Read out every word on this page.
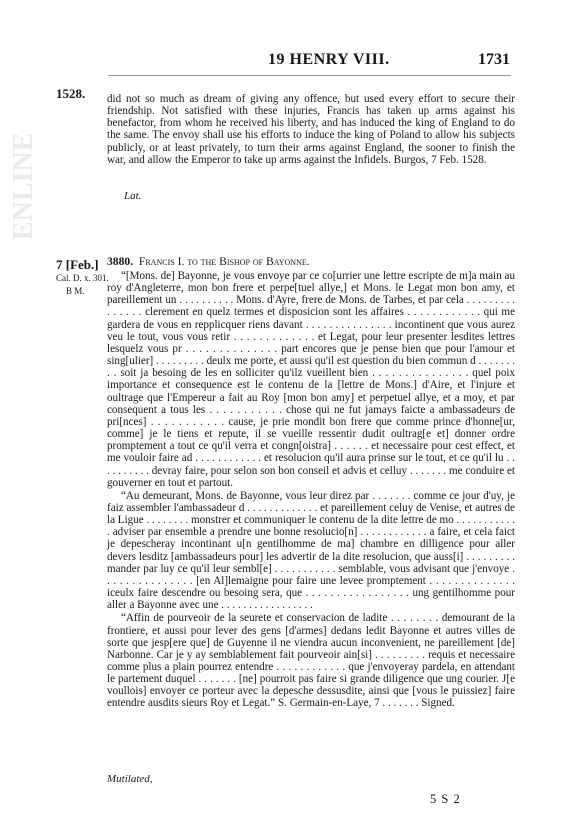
ENLINE
19 HENRY VIII.	1731
1528. did not so much as dream of giving any offence, but used every effort to secure their friendship. Not satisfied with these injuries, Francis has taken up arms against his benefactor, from whom he received his liberty, and has induced the king of England to do the same. The envoy shall use his efforts to induce the king of Poland to allow his subjects publicly, or at least privately, to turn their arms against England, the sooner to finish the war, and allow the Emperor to take up arms against the Infidels. Burgos, 7 Feb. 1528.

Lat.
7 [Feb.]
Cal. D. x. 301.
B M.
3880. Francis I. to the Bishop of Bayonne.

“[Mons. de] Bayonne, je vous envoye par ce co[urrier une lettre escripte de m]a main au roy d'Angleterre, mon bon frere et perpe[tuel allye,] et Mons. le Legat mon bon amy, et pareillement un . . . . . . . . . . Mons. d'Ayre, frere de Mons. de Tarbes, et par cela . . . . . . . . . . . . . . . clerement en quelz termes et disposicion sont les affaires . . . . . . . . . . . . qui me gardera de vous en repplicquer riens davant . . . . . . . . . . . . . . . incontinent que vous aurez veu le tout, vous vous retir . . . . . . . . . . . . . et Legat, pour leur presenter lesdites lettres lesquelz vous pr . . . . . . . . . . . . . . part encores que je pense bien que pour l'amour et sing[ulier] . . . . . . . . . deulx me porte, et aussi qu'il est question du bien commun d . . . . . . . . . soit ja besoing de les en solliciter qu'ilz vueillent bien . . . . . . . . . . . . . . . quel poix importance et consequence est le contenu de la [lettre de Mons.] d'Aire, et l'injure et oultrage que l'Empereur a fait au Roy [mon bon amy] et perpetuel allye, et a moy, et par consequent a tous les . . . . . . . . . . . chose qui ne fut jamays faicte a ambassadeurs de pri[nces] . . . . . . . . . . . cause, je prie mondit bon frere que comme prince d'honne[ur, comme] je le tiens et repute, il se vueille ressentir dudit oultrag[e et] donner ordre promptement a tout ce qu'il verra et congn[oistra] . . . . . . et necessaire pour cest effect, et me vouloir faire ad . . . . . . . . . . . . et resolucion qu'il aura prinse sur le tout, et ce qu'il lu . . . . . . . . . . devray faire, pour selon son bon conseil et advis et celluy . . . . . . . me conduire et gouverner en tout et partout.

“Au demeurant, Mons. de Bayonne, vous leur direz par . . . . . . . comme ce jour d'uy, je faiz assembler l'ambassadeur d . . . . . . . . . . . . . et pareillement celuy de Venise, et autres de la Ligue . . . . . . . . monstrer et communiquer le contenu de la dite lettre de mo . . . . . . . . . . . . adviser par ensemble a prendre une bonne resolucio[n] . . . . . . . . . . . . a faire, et cela faict je depescheray incontinant u[n gentilhomme de ma] chambre en dilligence pour aller devers lesditz [ambassadeurs pour] les advertir de la dite resolucion, que auss[i] . . . . . . . . . mander par luy ce qu'il leur sembl[e] . . . . . . . . . . . semblable, vous advisant que j'envoye . . . . . . . . . . . . . . . [en Al]lemaigne pour faire une levee promptement . . . . . . . . . . . . . . iceulx faire descendre ou besoing sera, que . . . . . . . . . . . . . . . . . ung gentilhomme pour aller a Bayonne avec une . . . . . . . . . . . . . . . . .

“Affin de pourveoir de la seurete et conservacion de ladite . . . . . . . . demourant de la frontiere, et aussi pour lever des gens [d'armes] dedans ledit Bayonne et autres villes de sorte que jesp[ere que] de Guyenne il ne viendra aucun inconvenient, ne pareillement [de] Narbonne. Car je y ay semblablement fait pourveoir ain[si] . . . . . . . . . requis et necessaire comme plus a plain pourrez entendre . . . . . . . . . . . . que j'envoyeray pardela, en attendant le partement duquel . . . . . . . [ne] pourroit pas faire si grande diligence que ung courier. J[e voullois] envoyer ce porteur avec la depesche dessusdite, ainsi que [vous le puissiez] faire entendre ausdits sieurs Roy et Legat.” S. Germain-en-Laye, 7 . . . . . . . Signed.

Mutilated,
5 S 2
